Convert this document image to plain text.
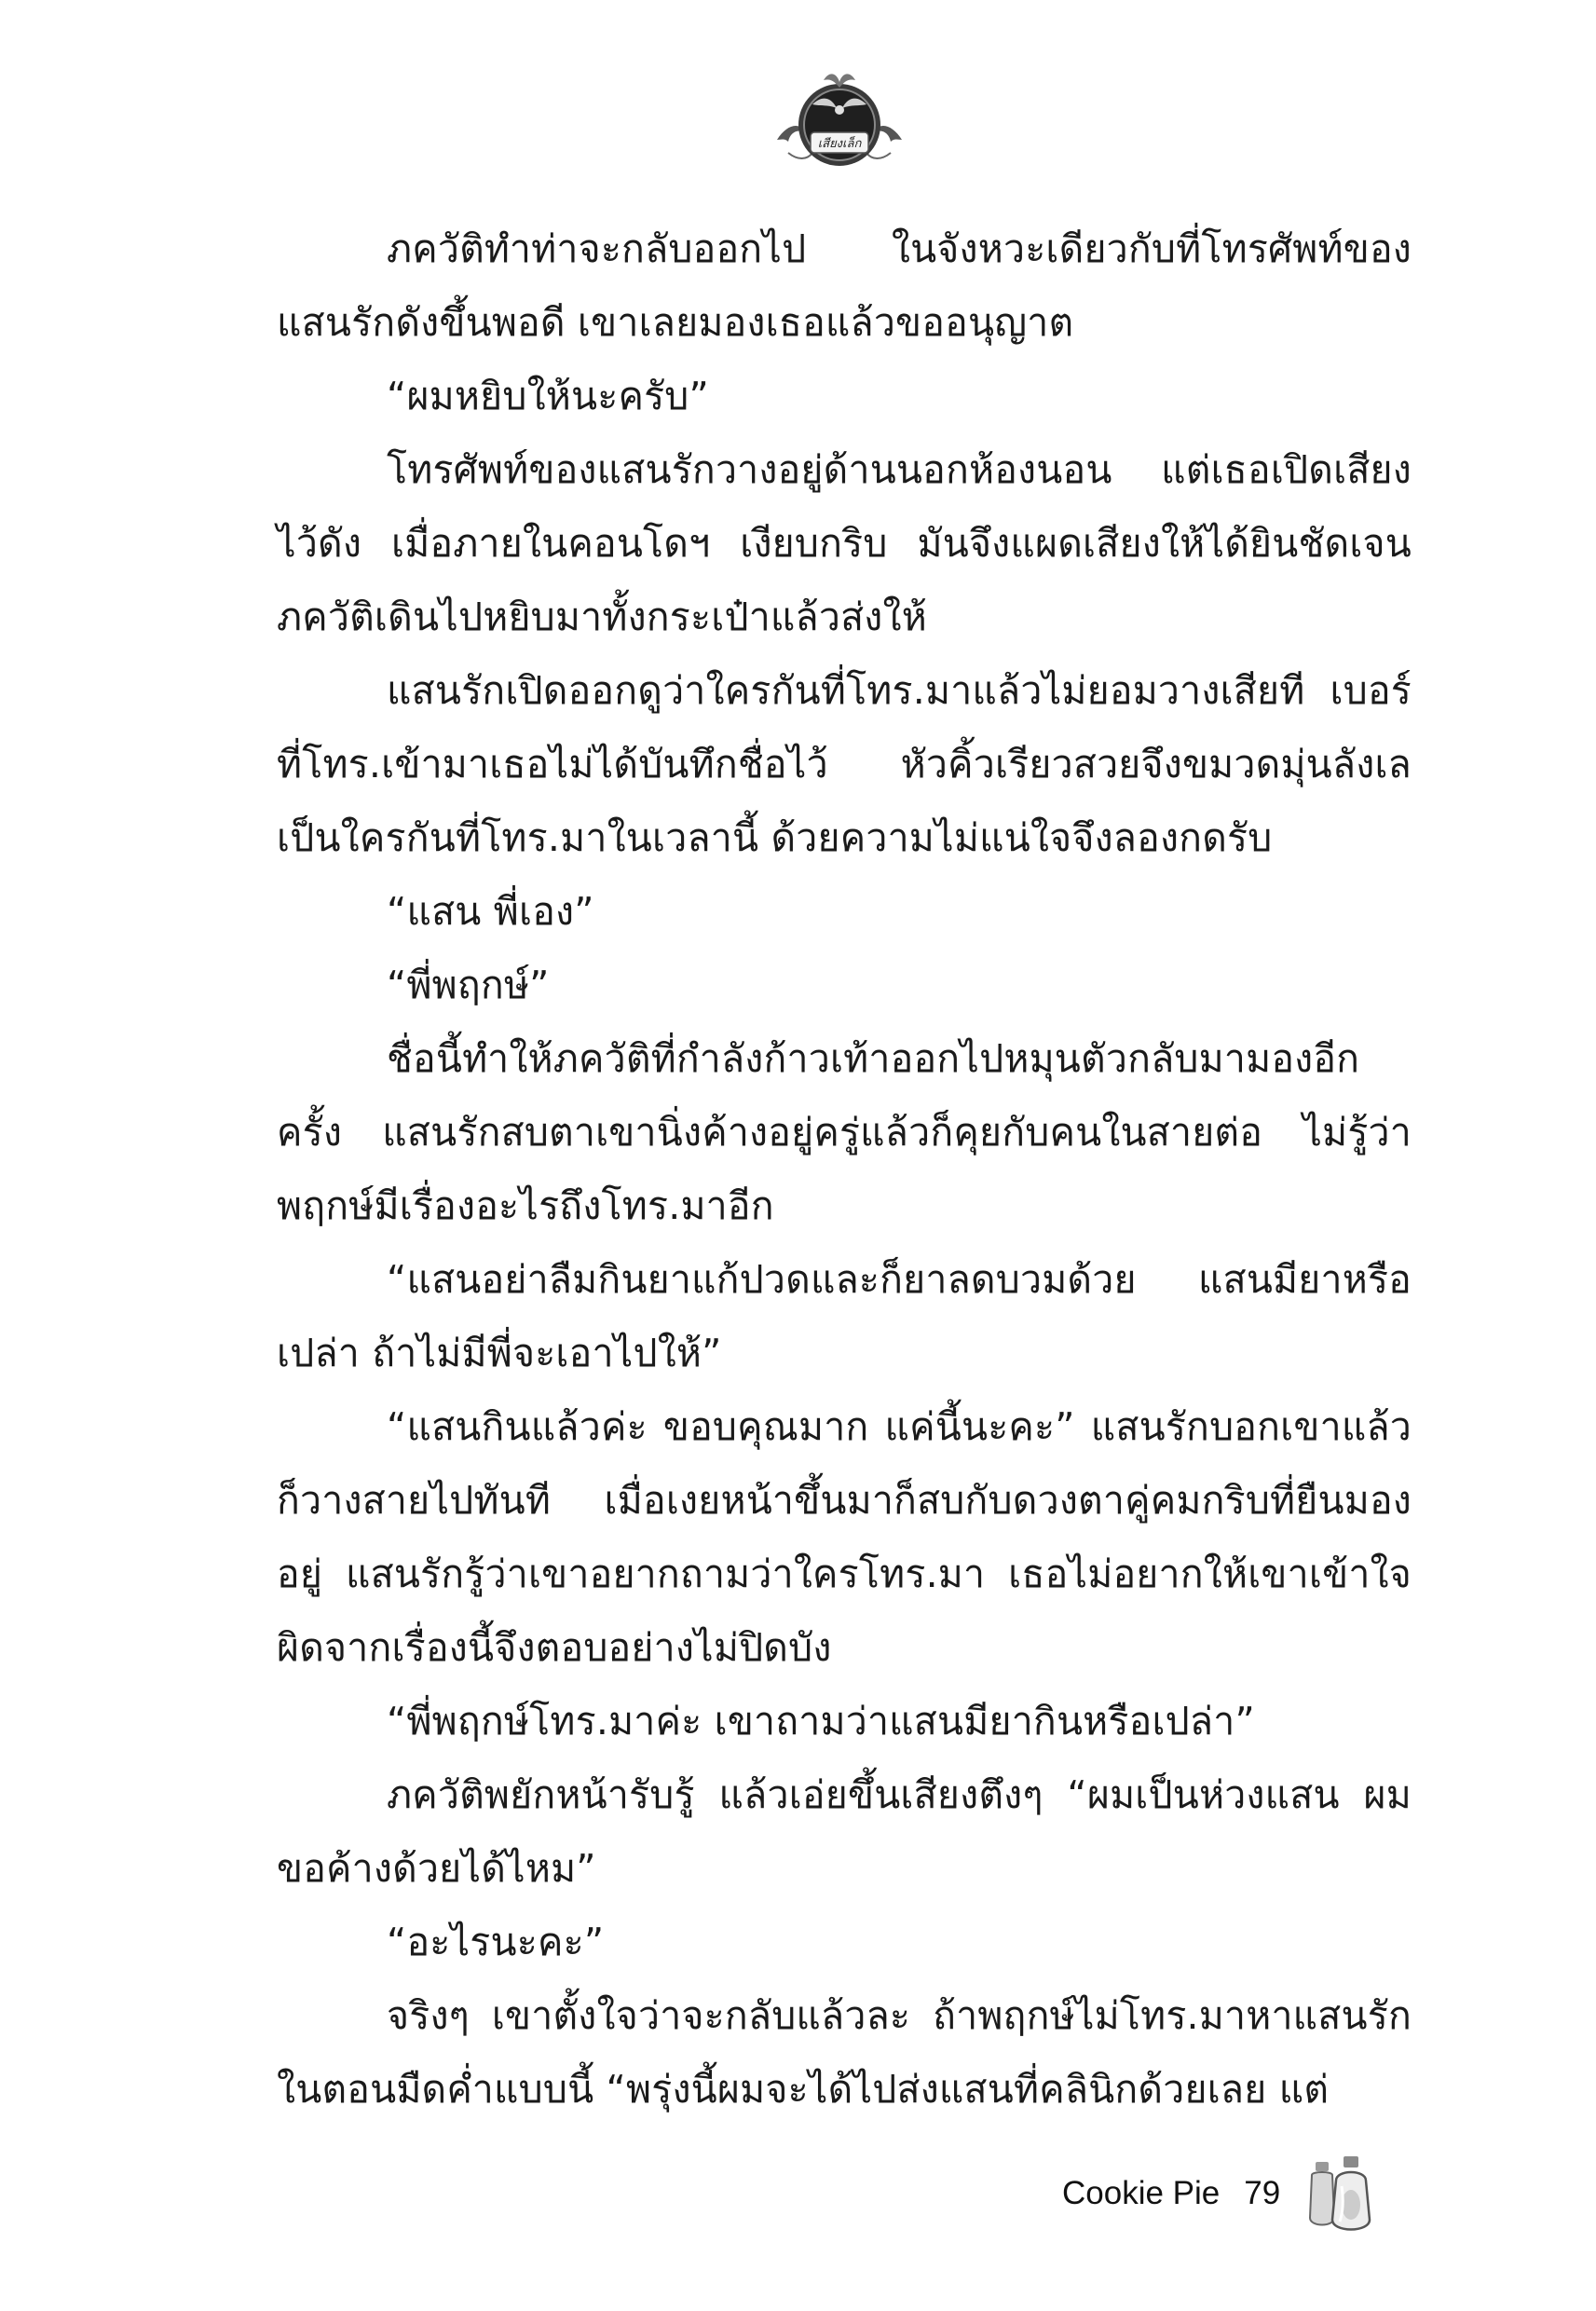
เสียงเล็ก

ภควัติทำท่าจะกลับออกไป ในจังหวะเดียวกับที่โทรศัพท์ของแสนรักดังขึ้นพอดี เขาเลยมองเธอแล้วขออนุญาต

“ผมหยิบให้นะครับ”

โทรศัพท์ของแสนรักวางอยู่ด้านนอกห้องนอน แต่เธอเปิดเสียงไว้ดัง เมื่อภายในคอนโดฯ เงียบกริบ มันจึงแผดเสียงให้ได้ยินชัดเจน ภควัติเดินไปหยิบมาทั้งกระเป๋าแล้วส่งให้

แสนรักเปิดออกดูว่าใครกันที่โทร.มาแล้วไม่ยอมวางเสียที เบอร์ที่โทร.เข้ามาเธอไม่ได้บันทึกชื่อไว้ หัวคิ้วเรียวสวยจึงขมวดมุ่นลังเลเป็นใครกันที่โทร.มาในเวลานี้ ด้วยความไม่แน่ใจจึงลองกดรับ

“แสน พี่เอง”

“พี่พฤกษ์”

ชื่อนี้ทำให้ภควัติที่กำลังก้าวเท้าออกไปหมุนตัวกลับมามองอีกครั้ง แสนรักสบตาเขานิ่งค้างอยู่ครู่แล้วก็คุยกับคนในสายต่อ ไม่รู้ว่าพฤกษ์มีเรื่องอะไรถึงโทร.มาอีก

“แสนอย่าลืมกินยาแก้ปวดและก็ยาลดบวมด้วย แสนมียาหรือเปล่า ถ้าไม่มีพี่จะเอาไปให้”

“แสนกินแล้วค่ะ ขอบคุณมาก แค่นี้นะคะ” แสนรักบอกเขาแล้วก็วางสายไปทันที เมื่อเงยหน้าขึ้นมาก็สบกับดวงตาคู่คมกริบที่ยืนมองอยู่ แสนรักรู้ว่าเขาอยากถามว่าใครโทร.มา เธอไม่อยากให้เขาเข้าใจผิดจากเรื่องนี้จึงตอบอย่างไม่ปิดบัง

“พี่พฤกษ์โทร.มาค่ะ เขาถามว่าแสนมียากินหรือเปล่า”

ภควัติพยักหน้ารับรู้ แล้วเอ่ยขึ้นเสียงตึงๆ “ผมเป็นห่วงแสน ผมขอค้างด้วยได้ไหม”

“อะไรนะคะ”

จริงๆ เขาตั้งใจว่าจะกลับแล้วละ ถ้าพฤกษ์ไม่โทร.มาหาแสนรักในตอนมืดค่ำแบบนี้ “พรุ่งนี้ผมจะได้ไปส่งแสนที่คลินิกด้วยเลย แต่

Cookie Pie 79
